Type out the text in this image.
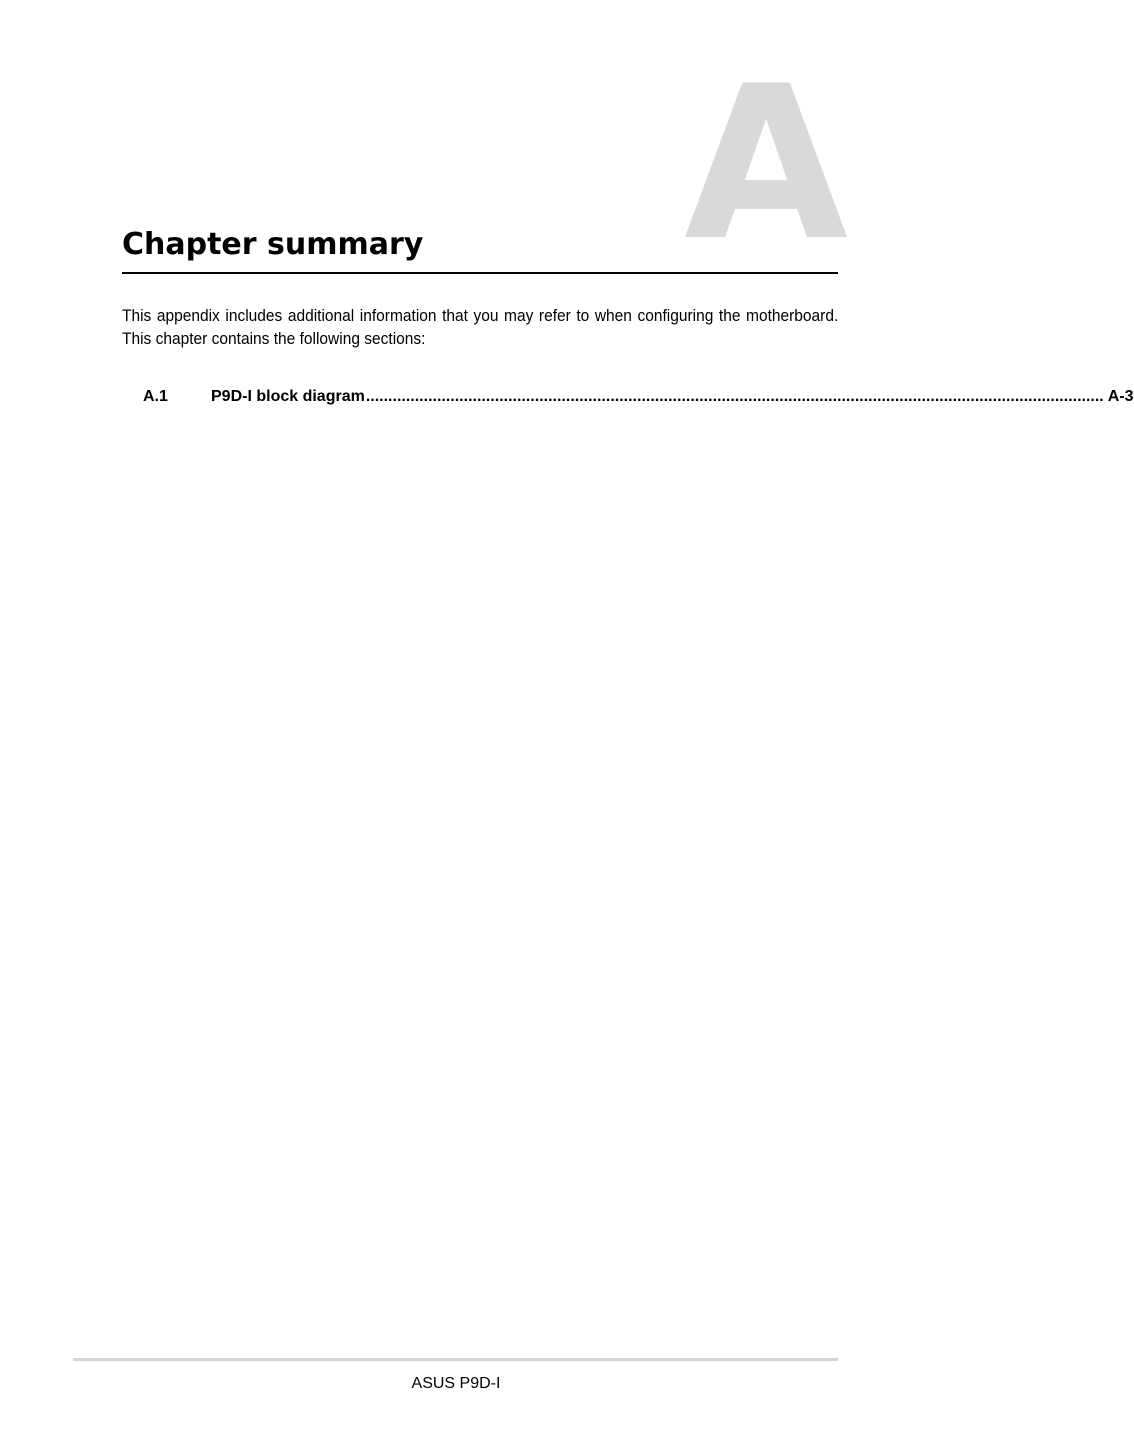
A
Chapter summary

This appendix includes additional information that you may refer to when configuring the motherboard. This chapter contains the following sections:

A.1	P9D-I block diagram ...................................................................................................................................................................... A-3
ASUS P9D-I
